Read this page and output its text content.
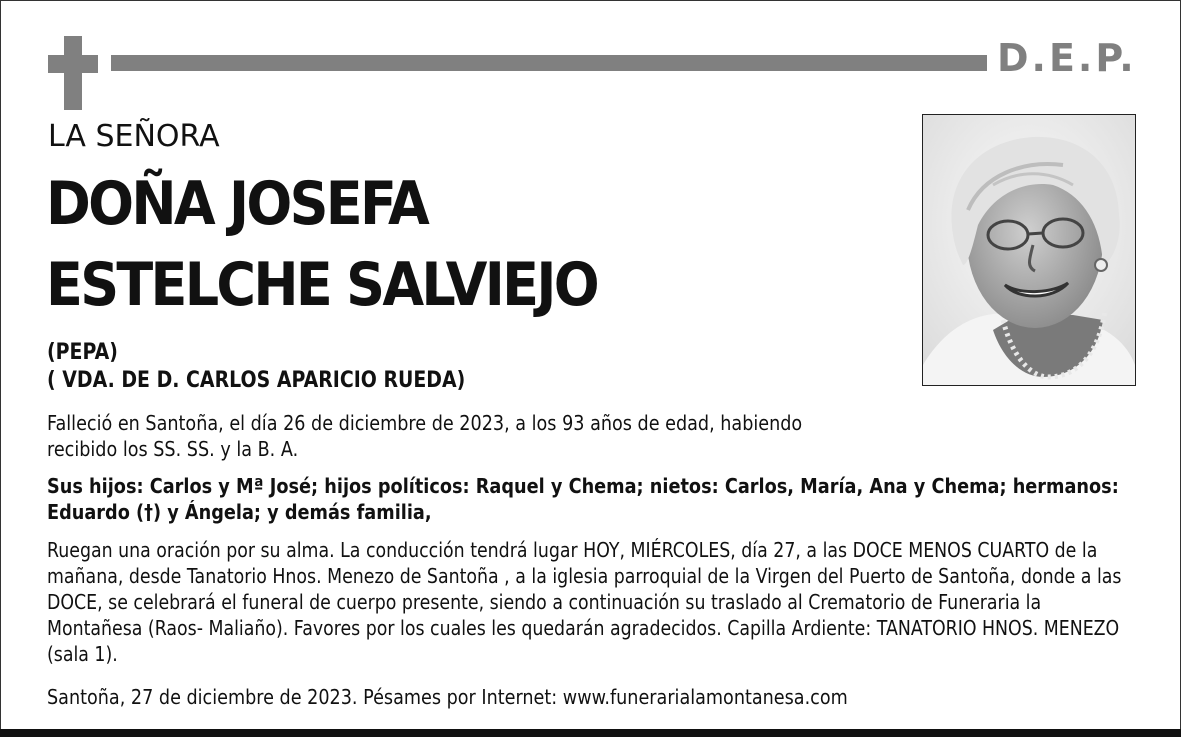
D.E.P.
LA SEÑORA
DOÑA JOSEFA
ESTELCHE SALVIEJO
(PEPA)
( VDA. DE D. CARLOS APARICIO RUEDA)
Falleció en Santoña, el día 26 de diciembre de 2023, a los 93 años de edad, habiendo recibido los SS. SS. y la B. A.
Sus hijos: Carlos y Mª José; hijos políticos: Raquel y Chema; nietos: Carlos, María, Ana y Chema; hermanos: Eduardo (†) y Ángela; y demás familia,
Ruegan una oración por su alma. La conducción tendrá lugar HOY, MIÉRCOLES, día 27, a las DOCE MENOS CUARTO de la mañana, desde Tanatorio Hnos. Menezo de Santoña , a la iglesia parroquial de la Virgen del Puerto de Santoña, donde a las DOCE, se celebrará el funeral de cuerpo presente, siendo a continuación su traslado al Crematorio de Funeraria la Montañesa (Raos- Maliaño). Favores por los cuales les quedarán agradecidos. Capilla Ardiente: TANATORIO HNOS. MENEZO (sala 1).
Santoña, 27 de diciembre de 2023. Pésames por Internet: www.funerarialamontanesa.com
